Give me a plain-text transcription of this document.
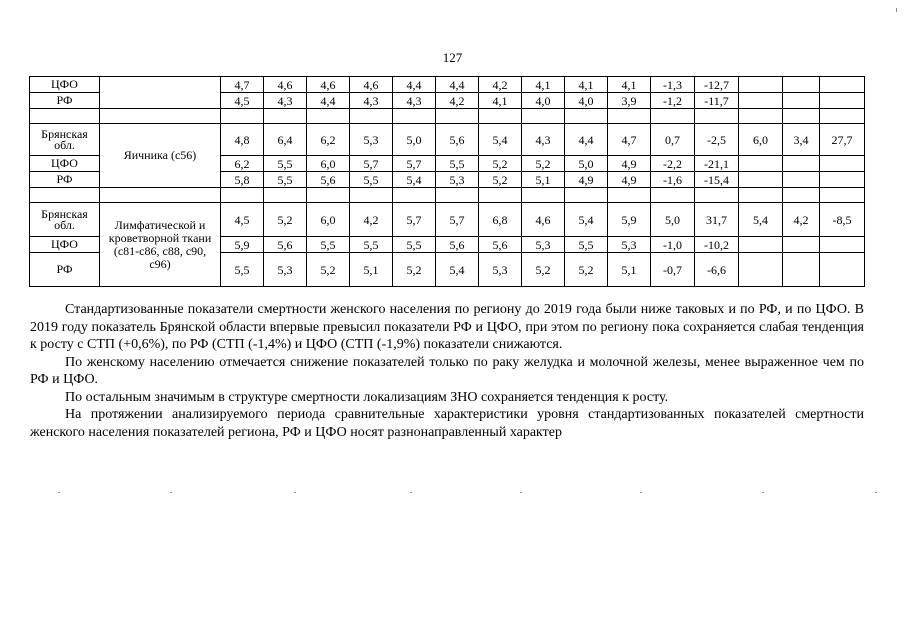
127
ЦФО		4,7	4,6	4,6	4,6	4,4	4,4	4,2	4,1	4,1	4,1	-1,3	-12,7			
РФ		4,5	4,3	4,4	4,3	4,3	4,2	4,1	4,0	4,0	3,9	-1,2	-11,7			

Брянская обл.	Яичника (с56)	4,8	6,4	6,2	5,3	5,0	5,6	5,4	4,3	4,4	4,7	0,7	-2,5	6,0	3,4	27,7
ЦФО		6,2	5,5	6,0	5,7	5,7	5,5	5,2	5,2	5,0	4,9	-2,2	-21,1			
РФ		5,8	5,5	5,6	5,5	5,4	5,3	5,2	5,1	4,9	4,9	-1,6	-15,4			

Брянская обл.	Лимфатической и кроветворной ткани (с81-с86, с88, с90, с96)	4,5	5,2	6,0	4,2	5,7	5,7	6,8	4,6	5,4	5,9	5,0	31,7	5,4	4,2	-8,5
ЦФО		5,9	5,6	5,5	5,5	5,5	5,6	5,6	5,3	5,5	5,3	-1,0	-10,2			
РФ		5,5	5,3	5,2	5,1	5,2	5,4	5,3	5,2	5,2	5,1	-0,7	-6,6			

Стандартизованные показатели смертности женского населения по региону до 2019 года были ниже таковых и по РФ, и по ЦФО. В 2019 году показатель Брянской области впервые превысил показатели РФ и ЦФО, при этом по региону пока сохраняется слабая тенденция к росту с СТП (+0,6%), по РФ (СТП (-1,4%) и ЦФО (СТП (-1,9%) показатели снижаются.

По женскому населению отмечается снижение показателей только по раку желудка и молочной железы, менее выраженное чем по РФ и ЦФО.

По остальным значимым в структуре смертности локализациям ЗНО сохраняется тенденция к росту.

На протяжении анализируемого периода сравнительные характеристики уровня стандартизованных показателей смертности женского населения показателей региона, РФ и ЦФО носят разнонаправленный характер
